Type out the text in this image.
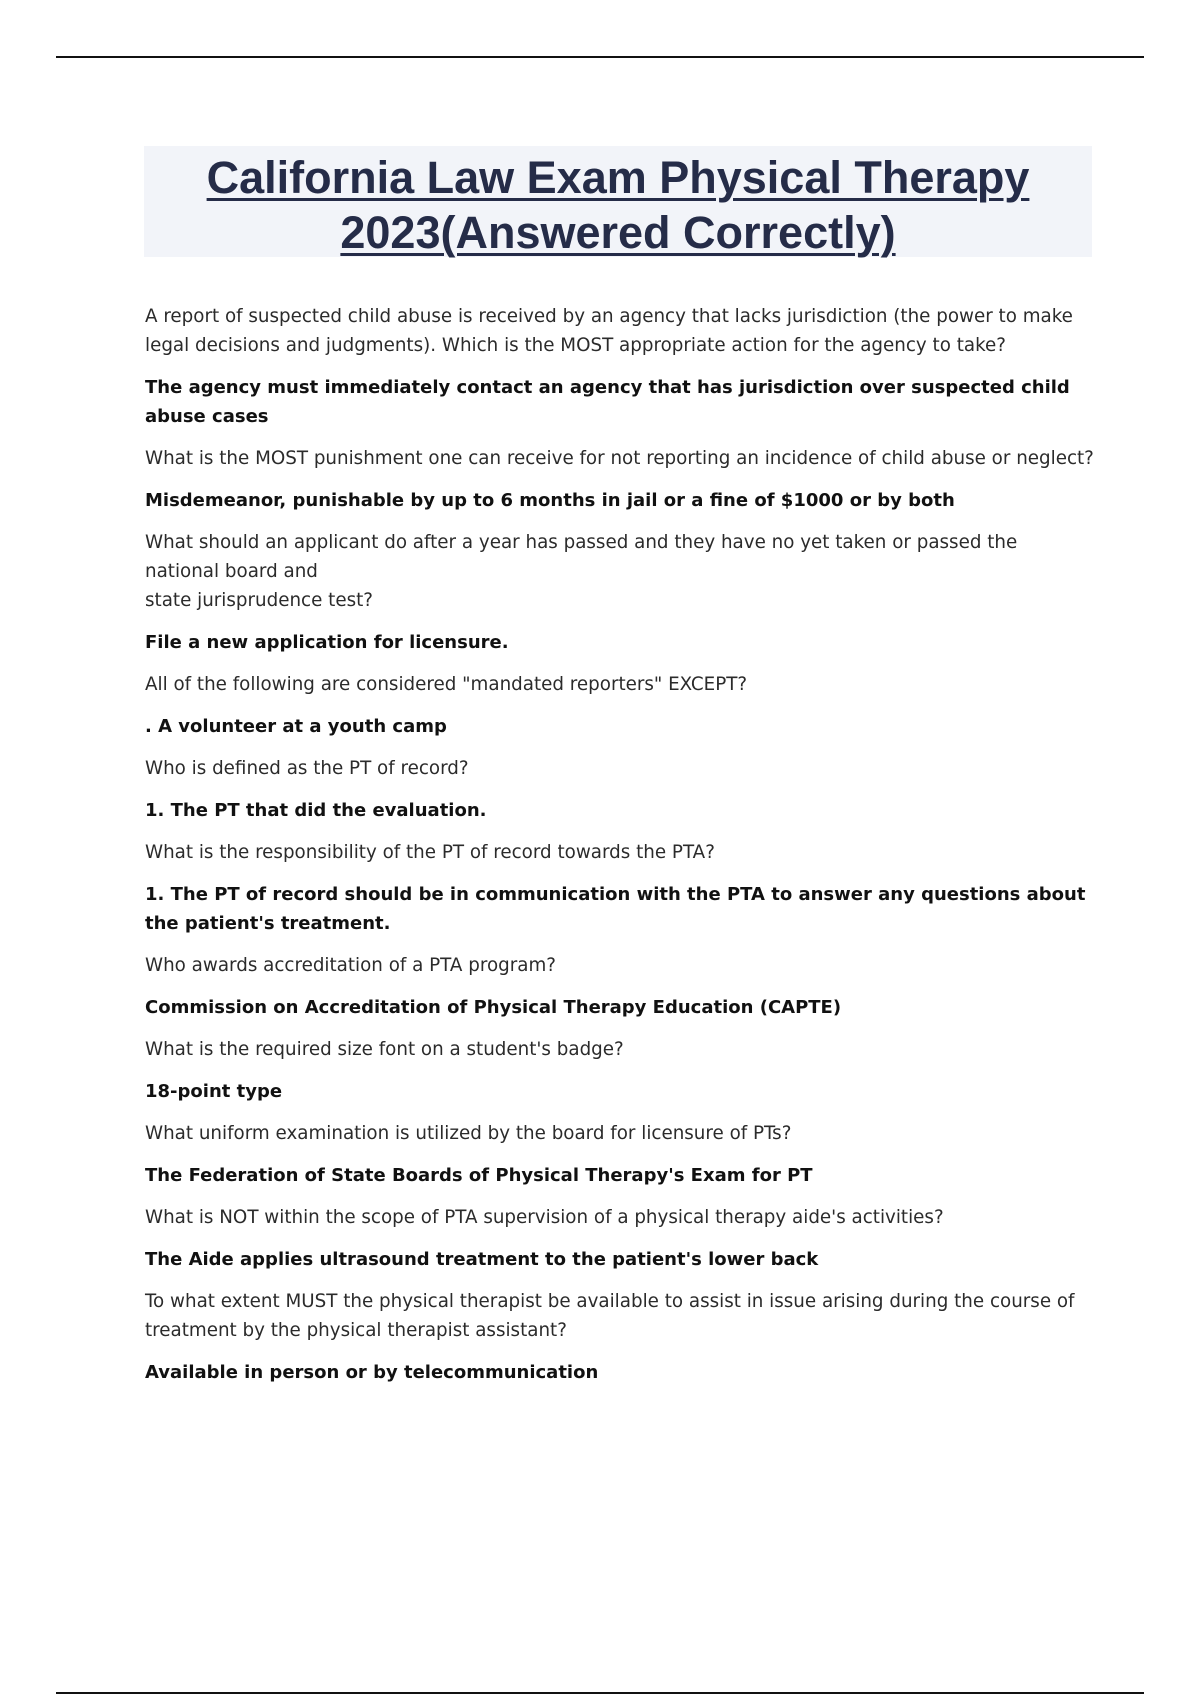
California Law Exam Physical Therapy 2023(Answered Correctly)

A report of suspected child abuse is received by an agency that lacks jurisdiction (the power to make legal decisions and judgments). Which is the MOST appropriate action for the agency to take?

The agency must immediately contact an agency that has jurisdiction over suspected child abuse cases

What is the MOST punishment one can receive for not reporting an incidence of child abuse or neglect?

Misdemeanor, punishable by up to 6 months in jail or a fine of $1000 or by both

What should an applicant do after a year has passed and they have no yet taken or passed the national board and
state jurisprudence test?

File a new application for licensure.

All of the following are considered "mandated reporters" EXCEPT?

. A volunteer at a youth camp

Who is defined as the PT of record?

1. The PT that did the evaluation.

What is the responsibility of the PT of record towards the PTA?

1. The PT of record should be in communication with the PTA to answer any questions about the patient's treatment.

Who awards accreditation of a PTA program?

Commission on Accreditation of Physical Therapy Education (CAPTE)

What is the required size font on a student's badge?

18-point type

What uniform examination is utilized by the board for licensure of PTs?

The Federation of State Boards of Physical Therapy's Exam for PT

What is NOT within the scope of PTA supervision of a physical therapy aide's activities?

The Aide applies ultrasound treatment to the patient's lower back

To what extent MUST the physical therapist be available to assist in issue arising during the course of treatment by the physical therapist assistant?

Available in person or by telecommunication
